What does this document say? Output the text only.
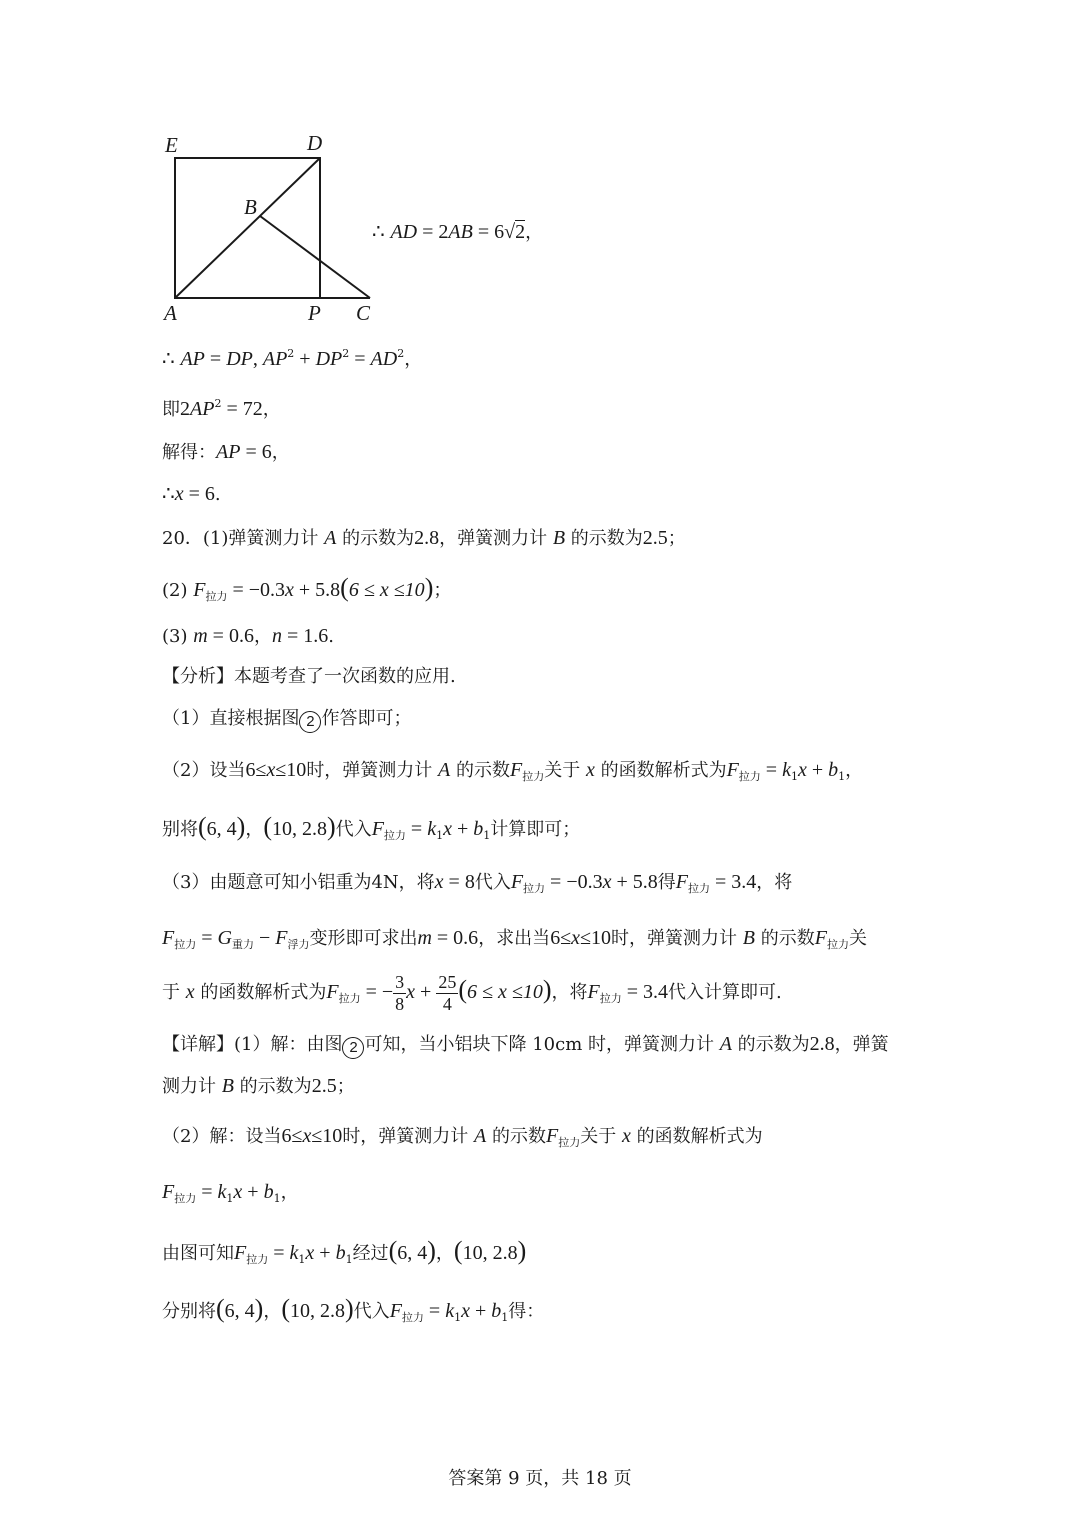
E	D
B
A	P C
∴ AD = 2AB = 6√2，
∴ AP = DP, $AP^2 + DP^2 = AD^2$，
即$2AP^2 = 72$，
解得：AP = 6，
∴x = 6.
20．(1)弹簧测力计 A 的示数为2.8，弹簧测力计 B 的示数为2.5；
(2) $F_{拉力} = -0.3x + 5.8(6 \le x \le 10)$；
(3) m = 0.6，n = 1.6.
【分析】本题考查了一次函数的应用.
（1）直接根据图 2 作答即可；
（2）设当6≤x≤10时，弹簧测力计 A 的示数$F_{拉力}$关于 x 的函数解析式为$F_{拉力} = k_1x + b_1$，
别将(6, 4)，(10, 2.8)代入$F_{拉力} = k_1x + b_1$计算即可；
（3）由题意可知小铝重为4N，将x = 8代入$F_{拉力} = -0.3x + 5.8$得$F_{拉力} = 3.4$，将
$F_{拉力} = G_{重力} - F_{浮力}$变形即可求出m = 0.6，求出当6≤x≤10时，弹簧测力计 B 的示数$F_{拉力}$关
于 x 的函数解析式为$F_{拉力}$ = − $\frac{3}{8}$ $x + \frac{25}{4} (6 \le x \le 10)$，将$F_{拉力} = 3.4$代入计算即可.
【详解】(1）解：由图 2 可知，当小铝块下降 10cm 时，弹簧测力计 A 的示数为2.8，弹簧
测力计 B 的示数为2.5；
（2）解：设当6≤x≤10时，弹簧测力计 A 的示数$F_{拉力}$关于 x 的函数解析式为
$F_{拉力} = k_1x + b_1$，
由图可知$F_{拉力} = k_1x + b_1$经过(6, 4)，(10, 2.8)
分别将(6, 4)，(10, 2.8)代入$F_{拉力} = k_1x + b_1$得：
答案第 9 页，共 18 页
